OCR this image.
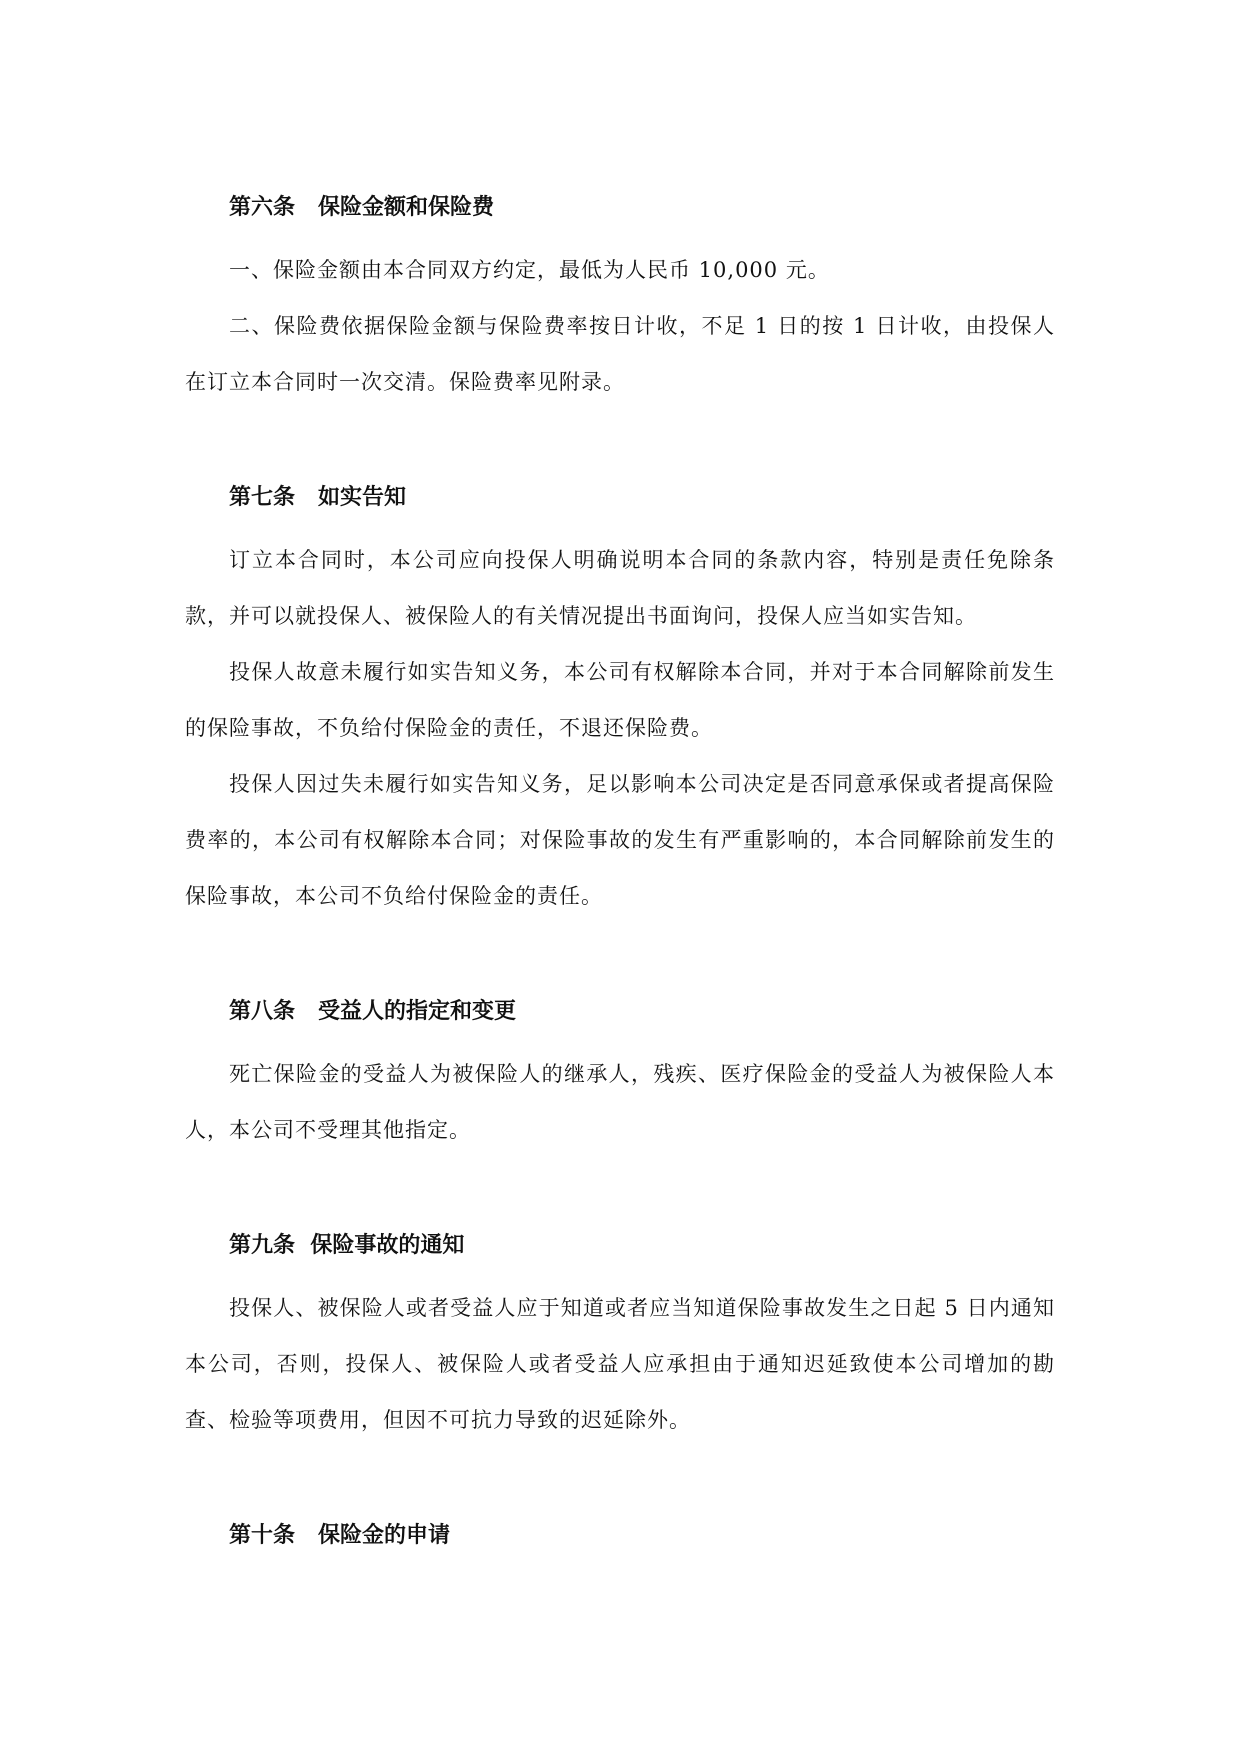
第六条   保险金额和保险费

一、保险金额由本合同双方约定，最低为人民币 10,000 元。

二、保险费依据保险金额与保险费率按日计收，不足 1 日的按 1 日计收，由投保人在订立本合同时一次交清。保险费率见附录。

第七条   如实告知

订立本合同时，本公司应向投保人明确说明本合同的条款内容，特别是责任免除条款，并可以就投保人、被保险人的有关情况提出书面询问，投保人应当如实告知。

投保人故意未履行如实告知义务，本公司有权解除本合同，并对于本合同解除前发生的保险事故，不负给付保险金的责任，不退还保险费。

投保人因过失未履行如实告知义务，足以影响本公司决定是否同意承保或者提高保险费率的，本公司有权解除本合同；对保险事故的发生有严重影响的，本合同解除前发生的保险事故，本公司不负给付保险金的责任。

第八条   受益人的指定和变更

死亡保险金的受益人为被保险人的继承人，残疾、医疗保险金的受益人为被保险人本人，本公司不受理其他指定。

第九条  保险事故的通知

投保人、被保险人或者受益人应于知道或者应当知道保险事故发生之日起 5 日内通知本公司，否则，投保人、被保险人或者受益人应承担由于通知迟延致使本公司增加的勘查、检验等项费用，但因不可抗力导致的迟延除外。

第十条   保险金的申请
